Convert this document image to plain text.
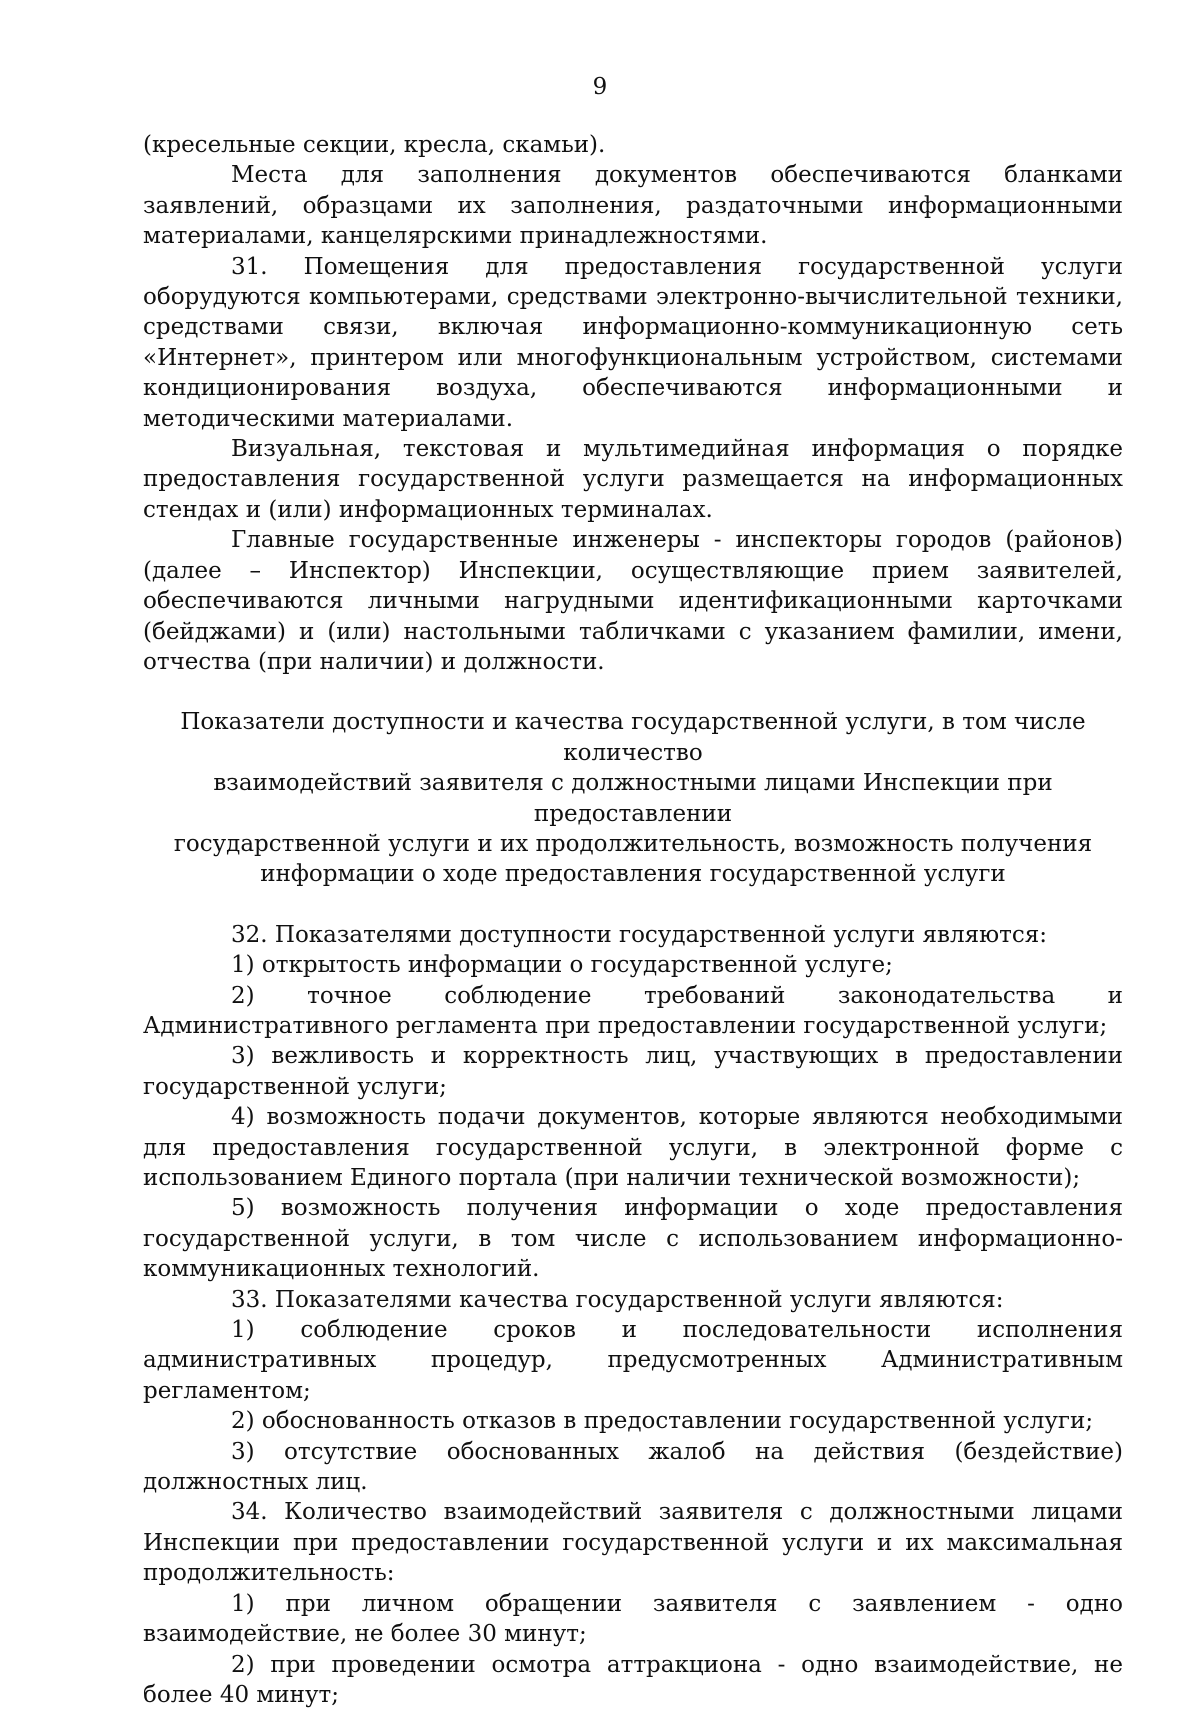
9

(кресельные секции, кресла, скамьи).

Места для заполнения документов обеспечиваются бланками заявлений, образцами их заполнения, раздаточными информационными материалами, канцелярскими принадлежностями.

31. Помещения для предоставления государственной услуги оборудуются компьютерами, средствами электронно-вычислительной техники, средствами связи, включая информационно-коммуникационную сеть «Интернет», принтером или многофункциональным устройством, системами кондиционирования воздуха, обеспечиваются информационными и методическими материалами.

Визуальная, текстовая и мультимедийная информация о порядке предоставления государственной услуги размещается на информационных стендах и (или) информационных терминалах.

Главные государственные инженеры - инспекторы городов (районов) (далее – Инспектор) Инспекции, осуществляющие прием заявителей, обеспечиваются личными нагрудными идентификационными карточками (бейджами) и (или) настольными табличками с указанием фамилии, имени, отчества (при наличии) и должности.

Показатели доступности и качества государственной услуги, в том числе количество
взаимодействий заявителя с должностными лицами Инспекции при предоставлении
государственной услуги и их продолжительность, возможность получения
информации о ходе предоставления государственной услуги

32. Показателями доступности государственной услуги являются:

1) открытость информации о государственной услуге;

2) точное соблюдение требований законодательства и Административного регламента при предоставлении государственной услуги;

3) вежливость и корректность лиц, участвующих в предоставлении государственной услуги;

4) возможность подачи документов, которые являются необходимыми для предоставления государственной услуги, в электронной форме с использованием Единого портала (при наличии технической возможности);

5) возможность получения информации о ходе предоставления государственной услуги, в том числе с использованием информационно-коммуникационных технологий.

33. Показателями качества государственной услуги являются:

1) соблюдение сроков и последовательности исполнения административных процедур, предусмотренных Административным регламентом;

2) обоснованность отказов в предоставлении государственной услуги;

3) отсутствие обоснованных жалоб на действия (бездействие) должностных лиц.

34. Количество взаимодействий заявителя с должностными лицами Инспекции при предоставлении государственной услуги и их максимальная продолжительность:

1) при личном обращении заявителя с заявлением - одно взаимодействие, не более 30 минут;

2) при проведении осмотра аттракциона - одно взаимодействие, не более 40 минут;
